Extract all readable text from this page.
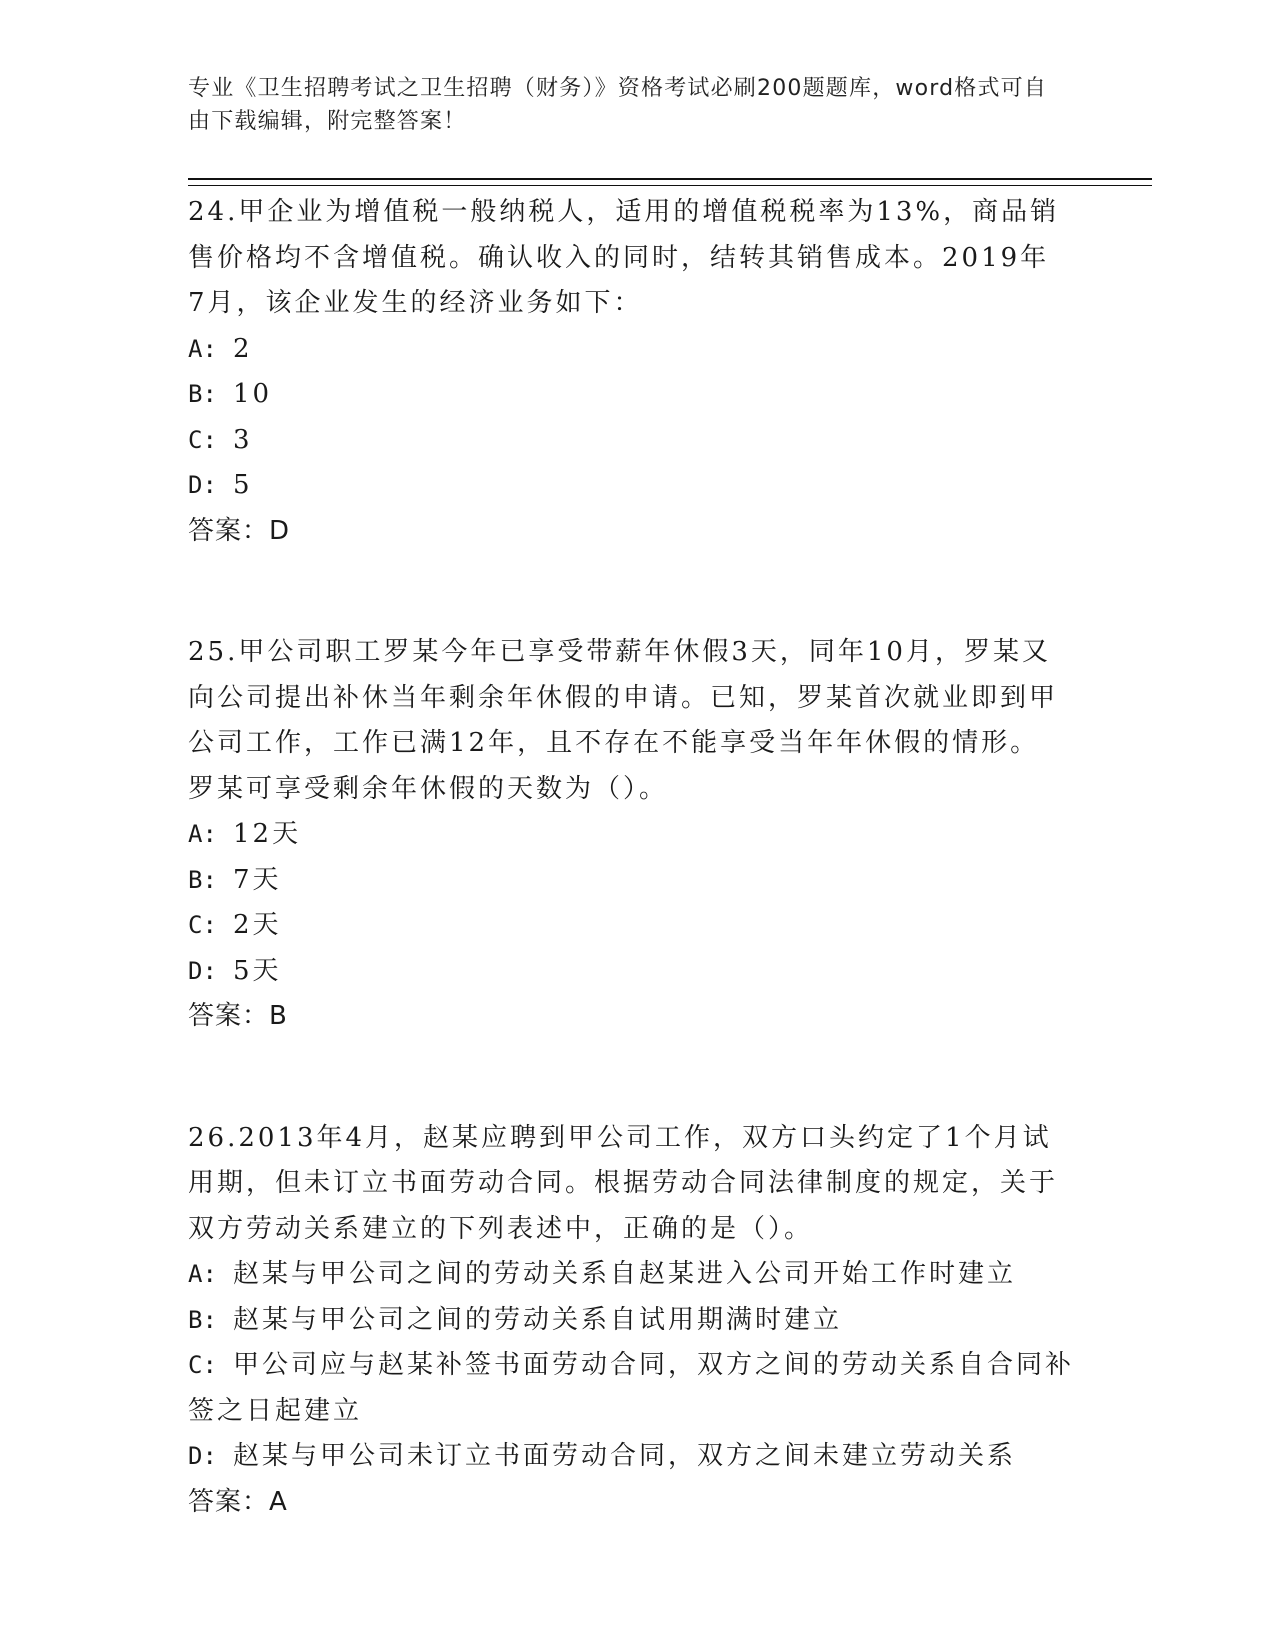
专业《卫生招聘考试之卫生招聘（财务）》资格考试必刷200题题库，word格式可自由下载编辑，附完整答案！
24.甲企业为增值税一般纳税人，适用的增值税税率为13%，商品销售价格均不含增值税。确认收入的同时，结转其销售成本。2019年7月，该企业发生的经济业务如下：
A: 2
B: 10
C: 3
D: 5
答案：D
25.甲公司职工罗某今年已享受带薪年休假3天，同年10月，罗某又向公司提出补休当年剩余年休假的申请。已知，罗某首次就业即到甲公司工作，工作已满12年，且不存在不能享受当年年休假的情形。罗某可享受剩余年休假的天数为（）。
A: 12天
B: 7天
C: 2天
D: 5天
答案：B
26.2013年4月，赵某应聘到甲公司工作，双方口头约定了1个月试用期，但未订立书面劳动合同。根据劳动合同法律制度的规定，关于双方劳动关系建立的下列表述中，正确的是（）。
A: 赵某与甲公司之间的劳动关系自赵某进入公司开始工作时建立
B: 赵某与甲公司之间的劳动关系自试用期满时建立
C: 甲公司应与赵某补签书面劳动合同，双方之间的劳动关系自合同补签之日起建立
D: 赵某与甲公司未订立书面劳动合同，双方之间未建立劳动关系
答案：A
